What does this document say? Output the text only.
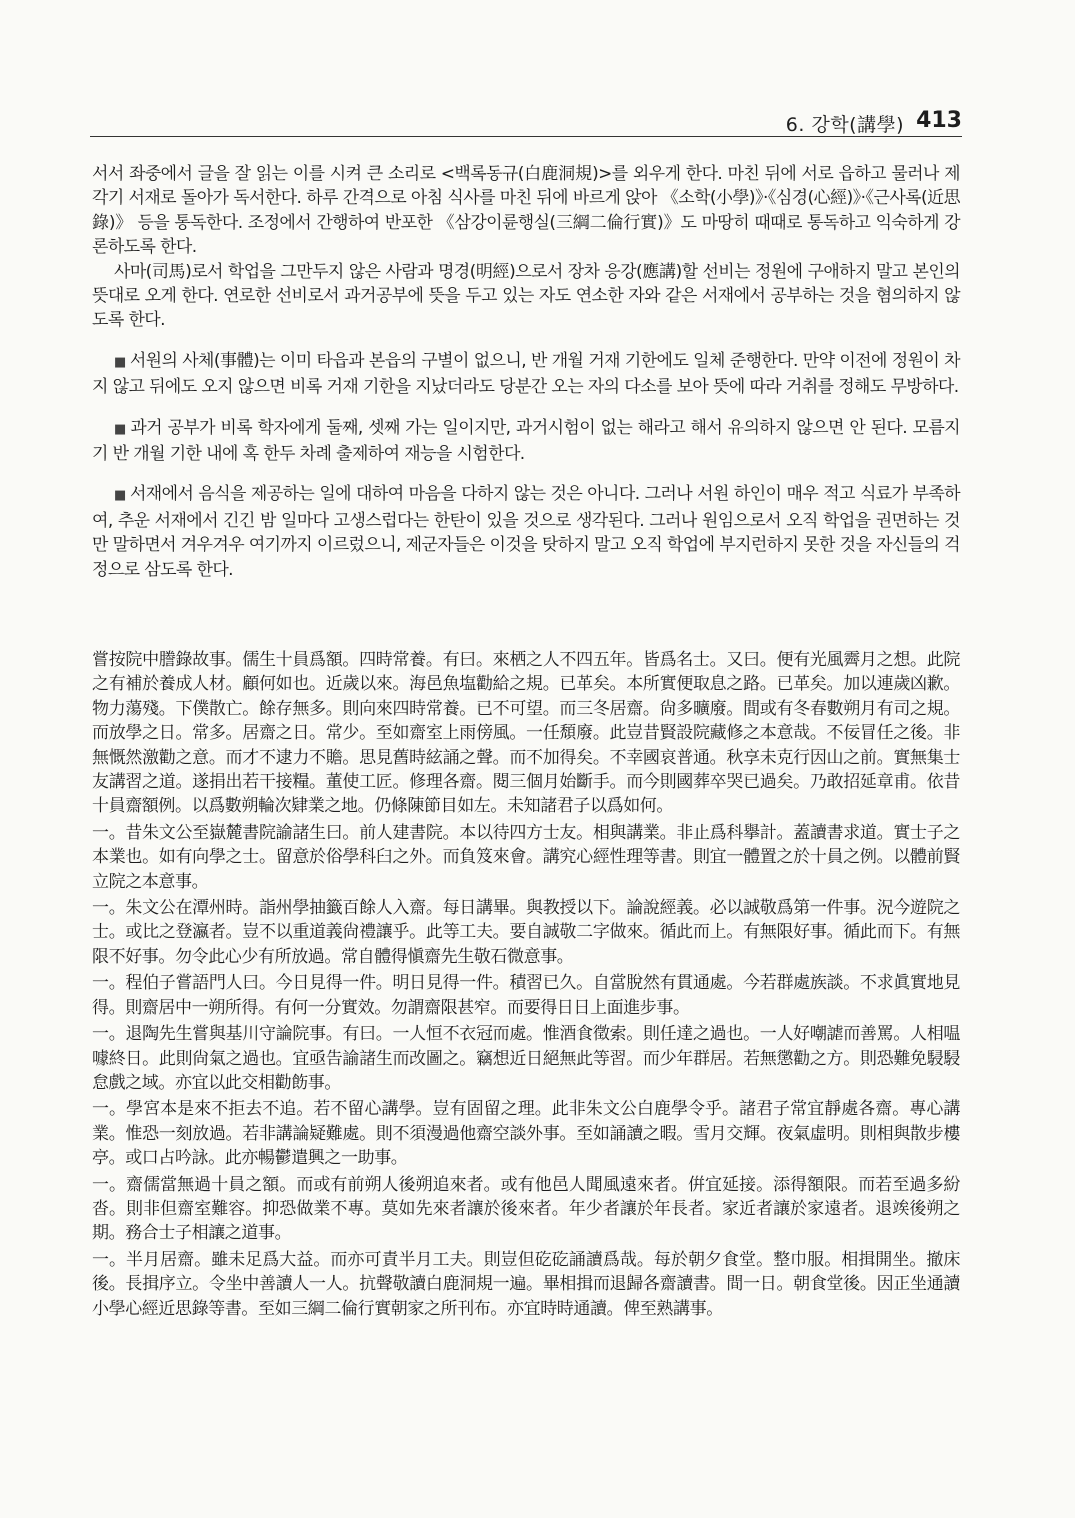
6. 강학(講學) 413

서서 좌중에서 글을 잘 읽는 이를 시켜 큰 소리로 <백록동규(白鹿洞規)>를 외우게 한다. 마친 뒤에 서로 읍하고 물러나 제각기 서재로 돌아가 독서한다. 하루 간격으로 아침 식사를 마친 뒤에 바르게 앉아 《소학(小學)》·《심경(心經)》·《근사록(近思錄)》 등을 통독한다. 조정에서 간행하여 반포한 《삼강이륜행실(三綱二倫行實)》도 마땅히 때때로 통독하고 익숙하게 강론하도록 한다.

사마(司馬)로서 학업을 그만두지 않은 사람과 명경(明經)으로서 장차 응강(應講)할 선비는 정원에 구애하지 말고 본인의 뜻대로 오게 한다. 연로한 선비로서 과거공부에 뜻을 두고 있는 자도 연소한 자와 같은 서재에서 공부하는 것을 혐의하지 않도록 한다.

■ 서원의 사체(事體)는 이미 타읍과 본읍의 구별이 없으니, 반 개월 거재 기한에도 일체 준행한다. 만약 이전에 정원이 차지 않고 뒤에도 오지 않으면 비록 거재 기한을 지났더라도 당분간 오는 자의 다소를 보아 뜻에 따라 거취를 정해도 무방하다.

■ 과거 공부가 비록 학자에게 둘째, 셋째 가는 일이지만, 과거시험이 없는 해라고 해서 유의하지 않으면 안 된다. 모름지기 반 개월 기한 내에 혹 한두 차례 출제하여 재능을 시험한다.

■ 서재에서 음식을 제공하는 일에 대하여 마음을 다하지 않는 것은 아니다. 그러나 서원 하인이 매우 적고 식료가 부족하여, 추운 서재에서 긴긴 밤 일마다 고생스럽다는 한탄이 있을 것으로 생각된다. 그러나 원임으로서 오직 학업을 권면하는 것만 말하면서 겨우겨우 여기까지 이르렀으니, 제군자들은 이것을 탓하지 말고 오직 학업에 부지런하지 못한 것을 자신들의 걱정으로 삼도록 한다.

嘗按院中謄錄故事。儒生十員爲額。四時常養。有曰。來栖之人不四五年。皆爲名士。又曰。便有光風霽月之想。此院之有補於養成人材。顧何如也。近歲以來。海邑魚塩勸給之規。已革矣。本所實便取息之路。已革矣。加以連歲凶歉。物力蕩殘。下僕散亡。餘存無多。則向來四時常養。已不可望。而三冬居齋。尙多曠廢。間或有冬春數朔月有司之規。而放學之日。常多。居齋之日。常少。至如齋室上雨傍風。一任頹廢。此豈昔賢設院藏修之本意哉。不佞冒任之後。非無慨然激勸之意。而才不逮力不贍。思見舊時絃誦之聲。而不加得矣。不幸國哀普通。秋享未克行因山之前。實無集士友講習之道。遂捐出若干接糧。董使工匠。修理各齋。閱三個月始斷手。而今則國葬卒哭已過矣。乃敢招延章甫。依昔十員齋額例。以爲數朔輪次肄業之地。仍條陳節目如左。未知諸君子以爲如何。

一。昔朱文公至嶽麓書院諭諸生曰。前人建書院。本以待四方士友。相與講業。非止爲科擧計。蓋讀書求道。實士子之本業也。如有向學之士。留意於俗學科臼之外。而負笈來會。講究心經性理等書。則宜一體置之於十員之例。以體前賢立院之本意事。

一。朱文公在潭州時。詣州學抽籤百餘人入齋。每日講畢。與教授以下。論說經義。必以誠敬爲第一件事。況今遊院之士。或比之登瀛者。豈不以重道義尙禮讓乎。此等工夫。要自誠敬二字做來。循此而上。有無限好事。循此而下。有無限不好事。勿令此心少有所放過。常自體得愼齋先生敬石微意事。

一。程伯子嘗語門人曰。今日見得一件。明日見得一件。積習已久。自當脫然有貫通處。今若群處族談。不求眞實地見得。則齋居中一朔所得。有何一分實效。勿謂齋限甚窄。而要得日日上面進步事。

一。退陶先生嘗與基川守論院事。有曰。一人恒不衣冠而處。惟酒食徵索。則任達之過也。一人好嘲謔而善罵。人相嗢噱終日。此則尙氣之過也。宜亟告諭諸生而改圖之。竊想近日絕無此等習。而少年群居。若無懲勸之方。則恐難免駸駸怠戲之域。亦宜以此交相勸飭事。

一。學宮本是來不拒去不追。若不留心講學。豈有固留之理。此非朱文公白鹿學令乎。諸君子常宜靜處各齋。專心講業。惟恐一刻放過。若非講論疑難處。則不須漫過他齋空談外事。至如誦讀之暇。雪月交輝。夜氣虛明。則相與散步樓亭。或口占吟詠。此亦暢鬱遣興之一助事。

一。齋儒當無過十員之額。而或有前朔人後朔追來者。或有他邑人聞風遠來者。倂宜延接。添得額限。而若至過多紛沓。則非但齋室難容。抑恐做業不專。莫如先來者讓於後來者。年少者讓於年長者。家近者讓於家遠者。退竢後朔之期。務合士子相讓之道事。

一。半月居齋。雖未足爲大益。而亦可責半月工夫。則豈但矻矻誦讀爲哉。每於朝夕食堂。整巾服。相揖開坐。撤床後。長揖序立。令坐中善讀人一人。抗聲敬讀白鹿洞規一遍。畢相揖而退歸各齋讀書。間一日。朝食堂後。因正坐通讀小學心經近思錄等書。至如三綱二倫行實朝家之所刊布。亦宜時時通讀。俾至熟講事。
